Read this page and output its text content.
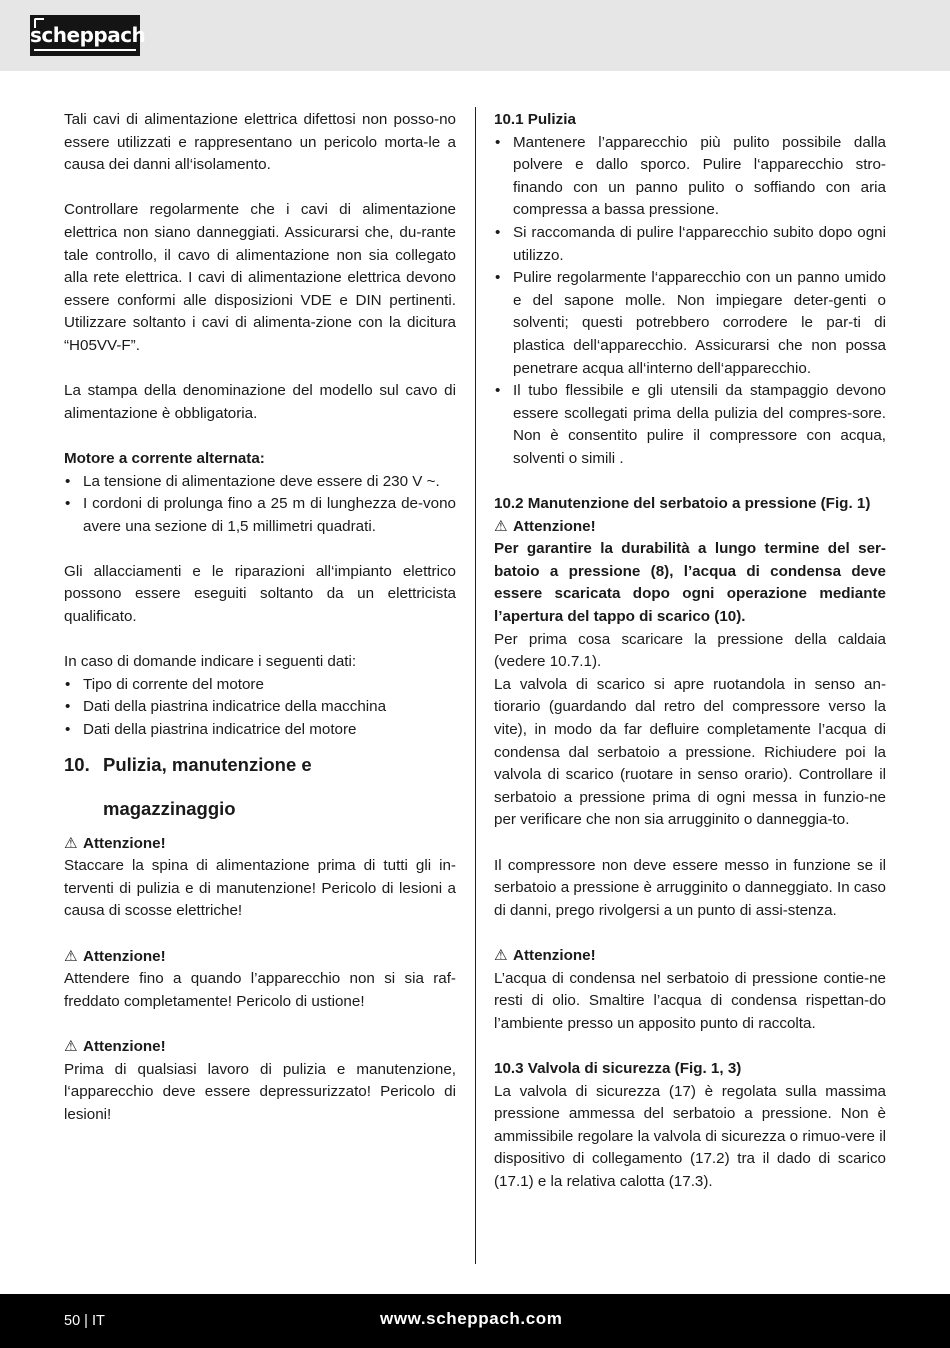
scheppach

Tali cavi di alimentazione elettrica difettosi non posso-no essere utilizzati e rappresentano un pericolo morta-le a causa dei danni all‘isolamento.

Controllare regolarmente che i cavi di alimentazione elettrica non siano danneggiati. Assicurarsi che, du-rante tale controllo, il cavo di alimentazione non sia collegato alla rete elettrica. I cavi di alimentazione elettrica devono essere conformi alle disposizioni VDE e DIN pertinenti. Utilizzare soltanto i cavi di alimenta-zione con la dicitura “H05VV-F”.

La stampa della denominazione del modello sul cavo di alimentazione è obbligatoria.

Motore a corrente alternata:

• La tensione di alimentazione deve essere di 230 V ~.
• I cordoni di prolunga fino a 25 m di lunghezza de-vono avere una sezione di 1,5 millimetri quadrati.

Gli allacciamenti e le riparazioni all‘impianto elettrico possono essere eseguiti soltanto da un elettricista qualificato.

In caso di domande indicare i seguenti dati:

• Tipo di corrente del motore
• Dati della piastrina indicatrice della macchina
• Dati della piastrina indicatrice del motore
10. Pulizia, manutenzione e
magazzinaggio

⚠ Attenzione!

Staccare la spina di alimentazione prima di tutti gli in-terventi di pulizia e di manutenzione! Pericolo di lesioni a causa di scosse elettriche!

⚠ Attenzione!

Attendere fino a quando l’apparecchio non si sia raf-freddato completamente! Pericolo di ustione!

⚠ Attenzione!

Prima di qualsiasi lavoro di pulizia e manutenzione, l‘apparecchio deve essere depressurizzato! Pericolo di lesioni!

10.1 Pulizia

• Mantenere l’apparecchio più pulito possibile dalla polvere e dallo sporco. Pulire l‘apparecchio stro-finando con un panno pulito o soffiando con aria compressa a bassa pressione.
• Si raccomanda di pulire l‘apparecchio subito dopo ogni utilizzo.
• Pulire regolarmente l‘apparecchio con un panno umido e del sapone molle. Non impiegare deter-genti o solventi; questi potrebbero corrodere le par-ti di plastica dell‘apparecchio. Assicurarsi che non possa penetrare acqua all‘interno dell‘apparecchio.
• Il tubo flessibile e gli utensili da stampaggio devono essere scollegati prima della pulizia del compres-sore. Non è consentito pulire il compressore con acqua, solventi o simili .

10.2 Manutenzione del serbatoio a pressione (Fig. 1)

⚠ Attenzione!

Per garantire la durabilità a lungo termine del ser-batoio a pressione (8), l’acqua di condensa deve essere scaricata dopo ogni operazione mediante l’apertura del tappo di scarico (10).

Per prima cosa scaricare la pressione della caldaia (vedere 10.7.1).

La valvola di scarico si apre ruotandola in senso an-tiorario (guardando dal retro del compressore verso la vite), in modo da far defluire completamente l’acqua di condensa dal serbatoio a pressione. Richiudere poi la valvola di scarico (ruotare in senso orario). Controllare il serbatoio a pressione prima di ogni messa in funzio-ne per verificare che non sia arrugginito o danneggia-to.

Il compressore non deve essere messo in funzione se il serbatoio a pressione è arrugginito o danneggiato. In caso di danni, prego rivolgersi a un punto di assi-stenza.

⚠ Attenzione!

L’acqua di condensa nel serbatoio di pressione contie-ne resti di olio. Smaltire l’acqua di condensa rispettan-do l’ambiente presso un apposito punto di raccolta.

10.3 Valvola di sicurezza (Fig. 1, 3)

La valvola di sicurezza (17) è regolata sulla massima pressione ammessa del serbatoio a pressione. Non è ammissibile regolare la valvola di sicurezza o rimuo-vere il dispositivo di collegamento (17.2) tra il dado di scarico (17.1) e la relativa calotta (17.3).

50 | IT	www.scheppach.com
